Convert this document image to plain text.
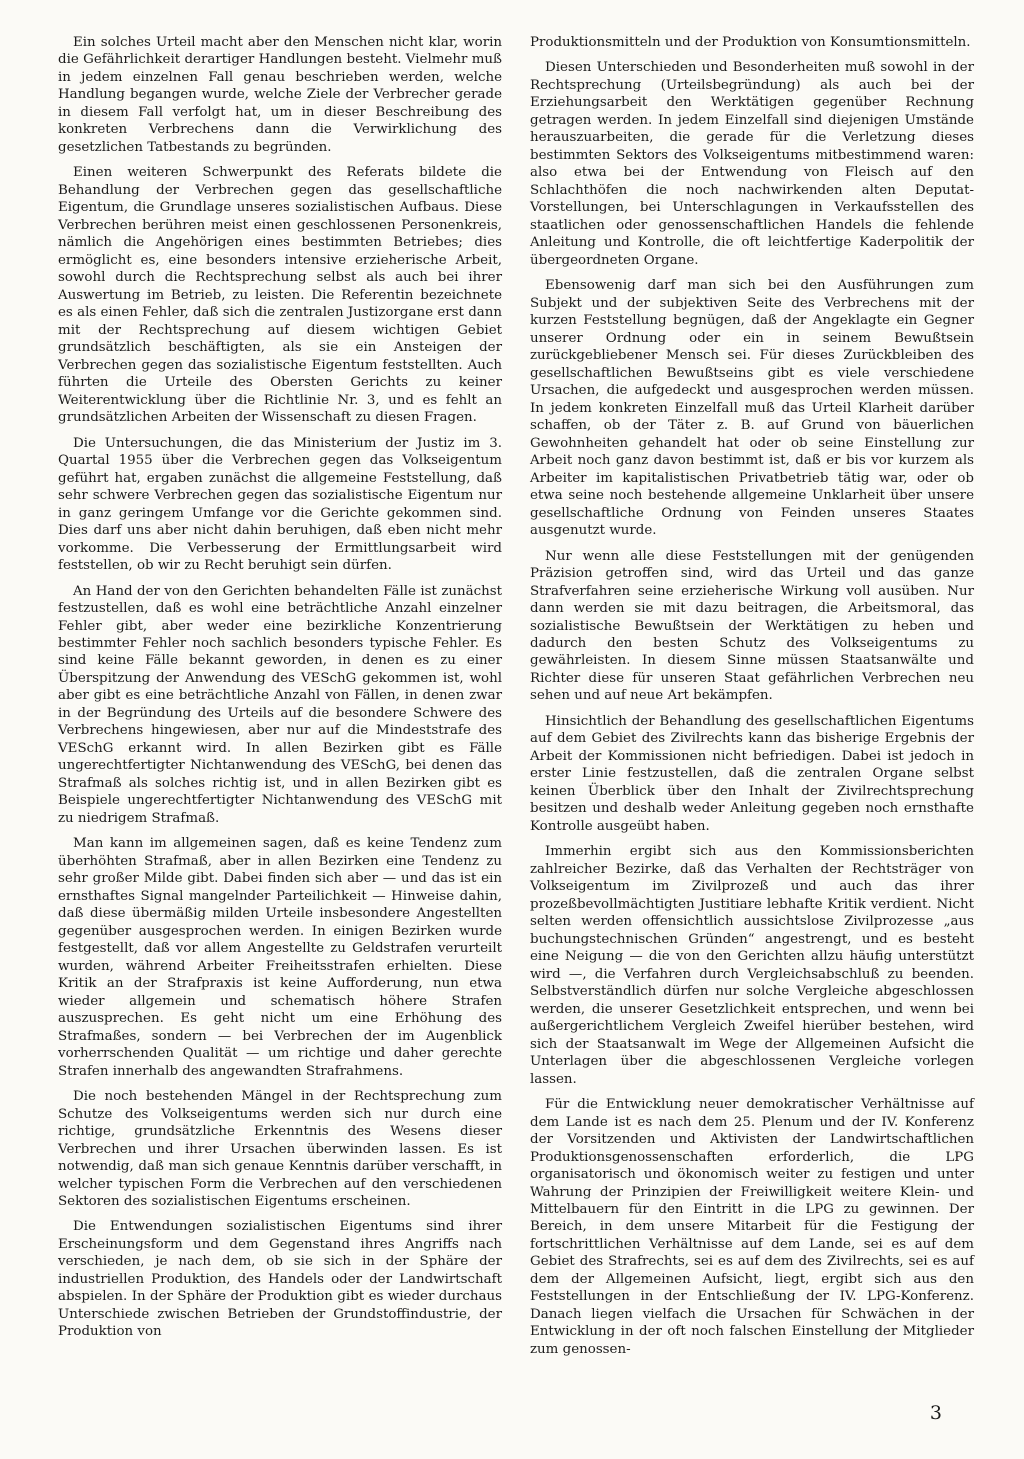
Ein solches Urteil macht aber den Menschen nicht klar, worin die Gefährlichkeit derartiger Handlungen besteht. Vielmehr muß in jedem einzelnen Fall genau beschrieben werden, welche Handlung begangen wurde, welche Ziele der Verbrecher gerade in diesem Fall verfolgt hat, um in dieser Beschreibung des konkreten Verbrechens dann die Verwirklichung des gesetzlichen Tatbestands zu begründen.

Einen weiteren Schwerpunkt des Referats bildete die Behandlung der Verbrechen gegen das gesellschaftliche Eigentum, die Grundlage unseres sozialistischen Aufbaus. Diese Verbrechen berühren meist einen geschlossenen Personenkreis, nämlich die Angehörigen eines bestimmten Betriebes; dies ermöglicht es, eine besonders intensive erzieherische Arbeit, sowohl durch die Rechtsprechung selbst als auch bei ihrer Auswertung im Betrieb, zu leisten. Die Referentin bezeichnete es als einen Fehler, daß sich die zentralen Justizorgane erst dann mit der Rechtsprechung auf diesem wichtigen Gebiet grundsätzlich beschäftigten, als sie ein Ansteigen der Verbrechen gegen das sozialistische Eigentum feststellten. Auch führten die Urteile des Obersten Gerichts zu keiner Weiterentwicklung über die Richtlinie Nr. 3, und es fehlt an grundsätzlichen Arbeiten der Wissenschaft zu diesen Fragen.

Die Untersuchungen, die das Ministerium der Justiz im 3. Quartal 1955 über die Verbrechen gegen das Volkseigentum geführt hat, ergaben zunächst die allgemeine Feststellung, daß sehr schwere Verbrechen gegen das sozialistische Eigentum nur in ganz geringem Umfange vor die Gerichte gekommen sind. Dies darf uns aber nicht dahin beruhigen, daß eben nicht mehr vorkomme. Die Verbesserung der Ermittlungsarbeit wird feststellen, ob wir zu Recht beruhigt sein dürfen.

An Hand der von den Gerichten behandelten Fälle ist zunächst festzustellen, daß es wohl eine beträchtliche Anzahl einzelner Fehler gibt, aber weder eine bezirkliche Konzentrierung bestimmter Fehler noch sachlich besonders typische Fehler. Es sind keine Fälle bekannt geworden, in denen es zu einer Überspitzung der Anwendung des VESchG gekommen ist, wohl aber gibt es eine beträchtliche Anzahl von Fällen, in denen zwar in der Begründung des Urteils auf die besondere Schwere des Verbrechens hingewiesen, aber nur auf die Mindeststrafe des VESchG erkannt wird. In allen Bezirken gibt es Fälle ungerechtfertigter Nichtanwendung des VESchG, bei denen das Strafmaß als solches richtig ist, und in allen Bezirken gibt es Beispiele ungerechtfertigter Nichtanwendung des VESchG mit zu niedrigem Strafmaß.

Man kann im allgemeinen sagen, daß es keine Tendenz zum überhöhten Strafmaß, aber in allen Bezirken eine Tendenz zu sehr großer Milde gibt. Dabei finden sich aber — und das ist ein ernsthaftes Signal mangelnder Parteilichkeit — Hinweise dahin, daß diese übermäßig milden Urteile insbesondere Angestellten gegenüber ausgesprochen werden. In einigen Bezirken wurde festgestellt, daß vor allem Angestellte zu Geldstrafen verurteilt wurden, während Arbeiter Freiheitsstrafen erhielten. Diese Kritik an der Strafpraxis ist keine Aufforderung, nun etwa wieder allgemein und schematisch höhere Strafen auszusprechen. Es geht nicht um eine Erhöhung des Strafmaßes, sondern — bei Verbrechen der im Augenblick vorherrschenden Qualität — um richtige und daher gerechte Strafen innerhalb des angewandten Strafrahmens.

Die noch bestehenden Mängel in der Rechtsprechung zum Schutze des Volkseigentums werden sich nur durch eine richtige, grundsätzliche Erkenntnis des Wesens dieser Verbrechen und ihrer Ursachen überwinden lassen. Es ist notwendig, daß man sich genaue Kenntnis darüber verschafft, in welcher typischen Form die Verbrechen auf den verschiedenen Sektoren des sozialistischen Eigentums erscheinen.

Die Entwendungen sozialistischen Eigentums sind ihrer Erscheinungsform und dem Gegenstand ihres Angriffs nach verschieden, je nach dem, ob sie sich in der Sphäre der industriellen Produktion, des Handels oder der Landwirtschaft abspielen. In der Sphäre der Produktion gibt es wieder durchaus Unterschiede zwischen Betrieben der Grundstoffindustrie, der Produktion von

Produktionsmitteln und der Produktion von Konsumtionsmitteln.

Diesen Unterschieden und Besonderheiten muß sowohl in der Rechtsprechung (Urteilsbegründung) als auch bei der Erziehungsarbeit den Werktätigen gegenüber Rechnung getragen werden. In jedem Einzelfall sind diejenigen Umstände herauszuarbeiten, die gerade für die Verletzung dieses bestimmten Sektors des Volkseigentums mitbestimmend waren: also etwa bei der Entwendung von Fleisch auf den Schlachthöfen die noch nachwirkenden alten Deputat-Vorstellungen, bei Unterschlagungen in Verkaufsstellen des staatlichen oder genossenschaftlichen Handels die fehlende Anleitung und Kontrolle, die oft leichtfertige Kaderpolitik der übergeordneten Organe.

Ebensowenig darf man sich bei den Ausführungen zum Subjekt und der subjektiven Seite des Verbrechens mit der kurzen Feststellung begnügen, daß der Angeklagte ein Gegner unserer Ordnung oder ein in seinem Bewußtsein zurückgebliebener Mensch sei. Für dieses Zurückbleiben des gesellschaftlichen Bewußtseins gibt es viele verschiedene Ursachen, die aufgedeckt und ausgesprochen werden müssen. In jedem konkreten Einzelfall muß das Urteil Klarheit darüber schaffen, ob der Täter z. B. auf Grund von bäuerlichen Gewohnheiten gehandelt hat oder ob seine Einstellung zur Arbeit noch ganz davon bestimmt ist, daß er bis vor kurzem als Arbeiter im kapitalistischen Privatbetrieb tätig war, oder ob etwa seine noch bestehende allgemeine Unklarheit über unsere gesellschaftliche Ordnung von Feinden unseres Staates ausgenutzt wurde.

Nur wenn alle diese Feststellungen mit der genügenden Präzision getroffen sind, wird das Urteil und das ganze Strafverfahren seine erzieherische Wirkung voll ausüben. Nur dann werden sie mit dazu beitragen, die Arbeitsmoral, das sozialistische Bewußtsein der Werktätigen zu heben und dadurch den besten Schutz des Volkseigentums zu gewährleisten. In diesem Sinne müssen Staatsanwälte und Richter diese für unseren Staat gefährlichen Verbrechen neu sehen und auf neue Art bekämpfen.

Hinsichtlich der Behandlung des gesellschaftlichen Eigentums auf dem Gebiet des Zivilrechts kann das bisherige Ergebnis der Arbeit der Kommissionen nicht befriedigen. Dabei ist jedoch in erster Linie festzustellen, daß die zentralen Organe selbst keinen Überblick über den Inhalt der Zivilrechtsprechung besitzen und deshalb weder Anleitung gegeben noch ernsthafte Kontrolle ausgeübt haben.

Immerhin ergibt sich aus den Kommissionsberichten zahlreicher Bezirke, daß das Verhalten der Rechtsträger von Volkseigentum im Zivilprozeß und auch das ihrer prozeßbevollmächtigten Justitiare lebhafte Kritik verdient. Nicht selten werden offensichtlich aussichtslose Zivilprozesse „aus buchungstechnischen Gründen“ angestrengt, und es besteht eine Neigung — die von den Gerichten allzu häufig unterstützt wird —, die Verfahren durch Vergleichsabschluß zu beenden. Selbstverständlich dürfen nur solche Vergleiche abgeschlossen werden, die unserer Gesetzlichkeit entsprechen, und wenn bei außergerichtlichem Vergleich Zweifel hierüber bestehen, wird sich der Staatsanwalt im Wege der Allgemeinen Aufsicht die Unterlagen über die abgeschlossenen Vergleiche vorlegen lassen.

Für die Entwicklung neuer demokratischer Verhältnisse auf dem Lande ist es nach dem 25. Plenum und der IV. Konferenz der Vorsitzenden und Aktivisten der Landwirtschaftlichen Produktionsgenossenschaften erforderlich, die LPG organisatorisch und ökonomisch weiter zu festigen und unter Wahrung der Prinzipien der Freiwilligkeit weitere Klein- und Mittelbauern für den Eintritt in die LPG zu gewinnen. Der Bereich, in dem unsere Mitarbeit für die Festigung der fortschrittlichen Verhältnisse auf dem Lande, sei es auf dem Gebiet des Strafrechts, sei es auf dem des Zivilrechts, sei es auf dem der Allgemeinen Aufsicht, liegt, ergibt sich aus den Feststellungen in der Entschließung der IV. LPG-Konferenz. Danach liegen vielfach die Ursachen für Schwächen in der Entwicklung in der oft noch falschen Einstellung der Mitglieder zum genossen-

3
